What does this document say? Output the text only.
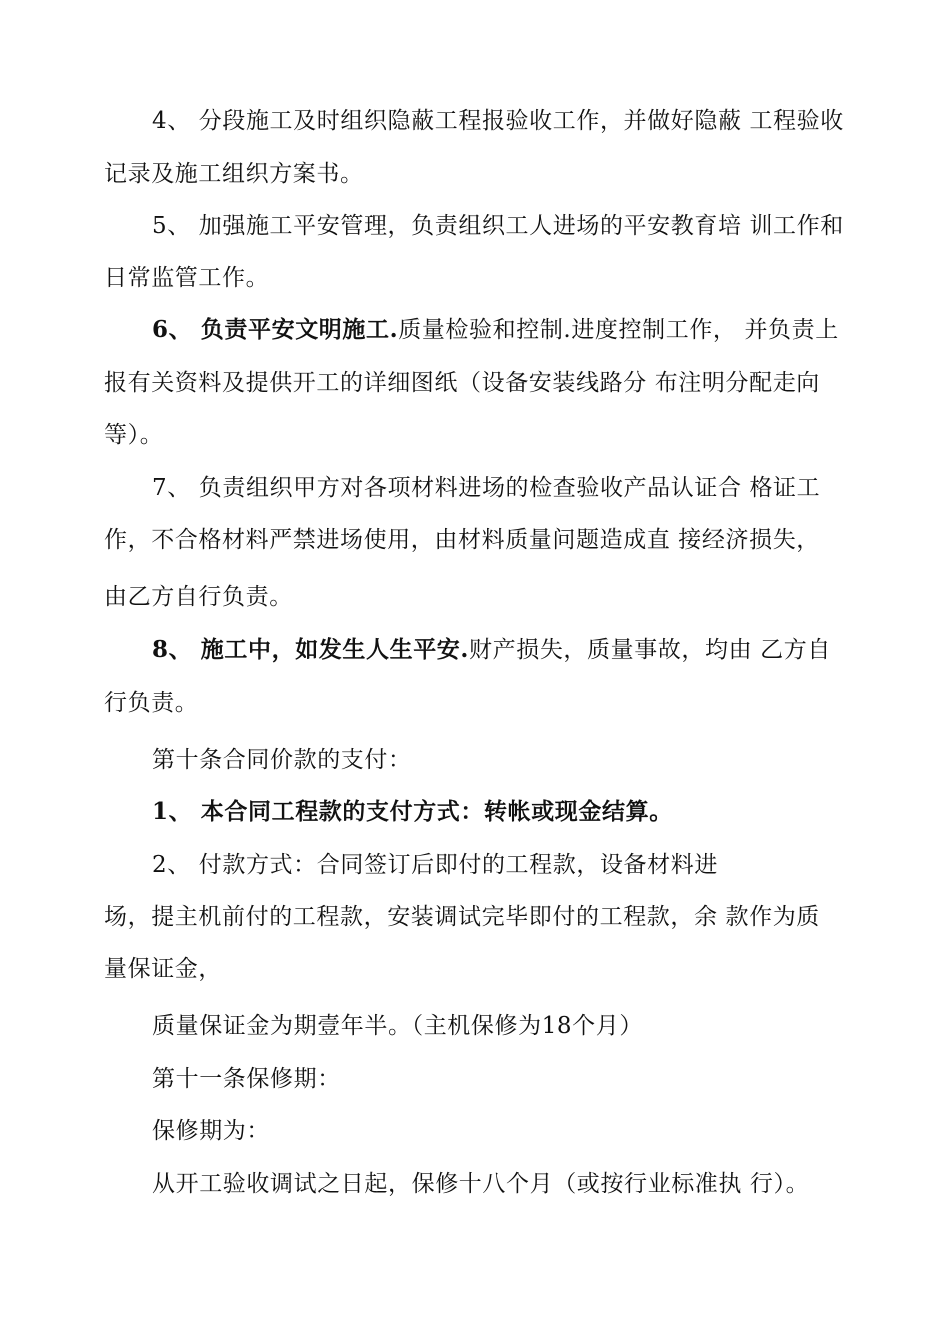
4、 分段施工及时组织隐蔽工程报验收工作，并做好隐蔽 工程验收
记录及施工组织方案书。
5、 加强施工平安管理，负责组织工人进场的平安教育培 训工作和
日常监管工作。
6、 负责平安文明施工.质量检验和控制.进度控制工作， 并负责上
报有关资料及提供开工的详细图纸（设备安装线路分 布注明分配走向
等）。
7、 负责组织甲方对各项材料进场的检查验收产品认证合 格证工
作，不合格材料严禁进场使用，由材料质量问题造成直 接经济损失，
由乙方自行负责。
8、 施工中，如发生人生平安.财产损失，质量事故，均由 乙方自
行负责。
第十条合同价款的支付：
1、 本合同工程款的支付方式：转帐或现金结算。
2、 付款方式：合同签订后即付的工程款，设备材料进
场，提主机前付的工程款，安装调试完毕即付的工程款，余 款作为质
量保证金，
质量保证金为期壹年半。（主机保修为18个月）
第十一条保修期：
保修期为：
从开工验收调试之日起，保修十八个月（或按行业标准执 行）。
